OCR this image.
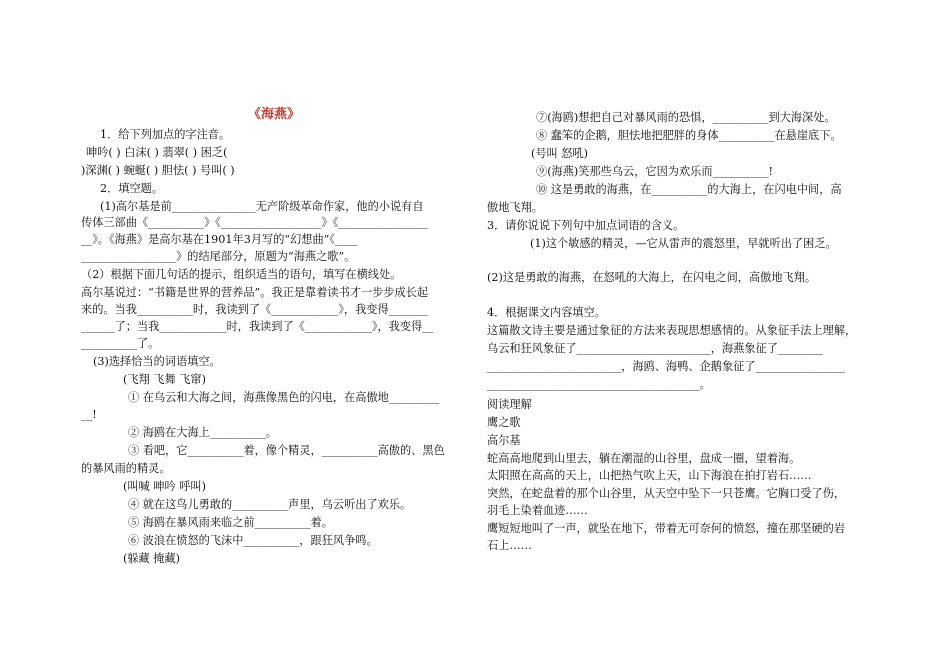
《海燕》
1．给下列加点的字注音。
呻吟( ) 白沫( ) 翡翠( ) 困乏(
)深渊( ) 蜿蜒( ) 胆怯( ) 号叫( )
2．填空题。
(1)高尔基是前_______________无产阶级革命作家，他的小说有自
传体三部曲《__________》《__________________》《________________
__》。《海燕》是高尔基在1901年3月写的“幻想曲”《____
_________________》的结尾部分，原题为“海燕之歌”。
（2）根据下面几句话的提示，组织适当的语句，填写在横线处。
高尔基说过：“书籍是世界的营养品”。我正是靠着读书才一步步成长起
来的。当我__________时，我读到了《____________》，我变得_______
______了；当我____________时，我读到了《____________》，我变得__
__________了。
(3)选择恰当的词语填空。
(飞翔 飞舞 飞窜)
① 在乌云和大海之间，海燕像黑色的闪电，在高傲地_________
__!
② 海鸥在大海上__________。
③ 看吧，它__________着，像个精灵，__________高傲的、黑色
的暴风雨的精灵。
(叫喊 呻吟 呼叫)
④ 就在这鸟儿勇敢的__________声里，乌云听出了欢乐。
⑤ 海鸥在暴风雨来临之前__________着。
⑥ 波浪在愤怒的飞沫中__________，跟狂风争鸣。
(躲藏 掩藏)
⑦(海鸥)想把自己对暴风雨的恐惧，__________到大海深处。
⑧ 蠢笨的企鹅，胆怯地把肥胖的身体__________在悬崖底下。
(号叫 怒吼)
⑨(海燕)笑那些乌云，它因为欢乐而__________!
⑩ 这是勇敢的海燕，在__________的大海上，在闪电中间，高
傲地飞翔。
3．请你说说下列句中加点词语的含义。
(1)这个敏感的精灵，—它从雷声的震怒里，早就听出了困乏。
(2)这是勇敢的海燕，在怒吼的大海上，在闪电之间，高傲地飞翔。
4．根据课文内容填空。
这篇散文诗主要是通过象征的方法来表现思想感情的。从象征手法上理解，
乌云和狂风象征了________________________，海燕象征了________
________________________，海鸥、海鸭、企鹅象征了________________
______________________________________。
阅读理解
鹰之歌
高尔基
蛇高高地爬到山里去，躺在潮湿的山谷里，盘成一圈，望着海。
太阳照在高高的天上，山把热气吹上天，山下海浪在拍打岩石……
突然，在蛇盘着的那个山谷里，从天空中坠下一只苍鹰。它胸口受了伤，
羽毛上染着血迹……
鹰短短地叫了一声，就坠在地下，带着无可奈何的愤怒，撞在那坚硬的岩
石上……
